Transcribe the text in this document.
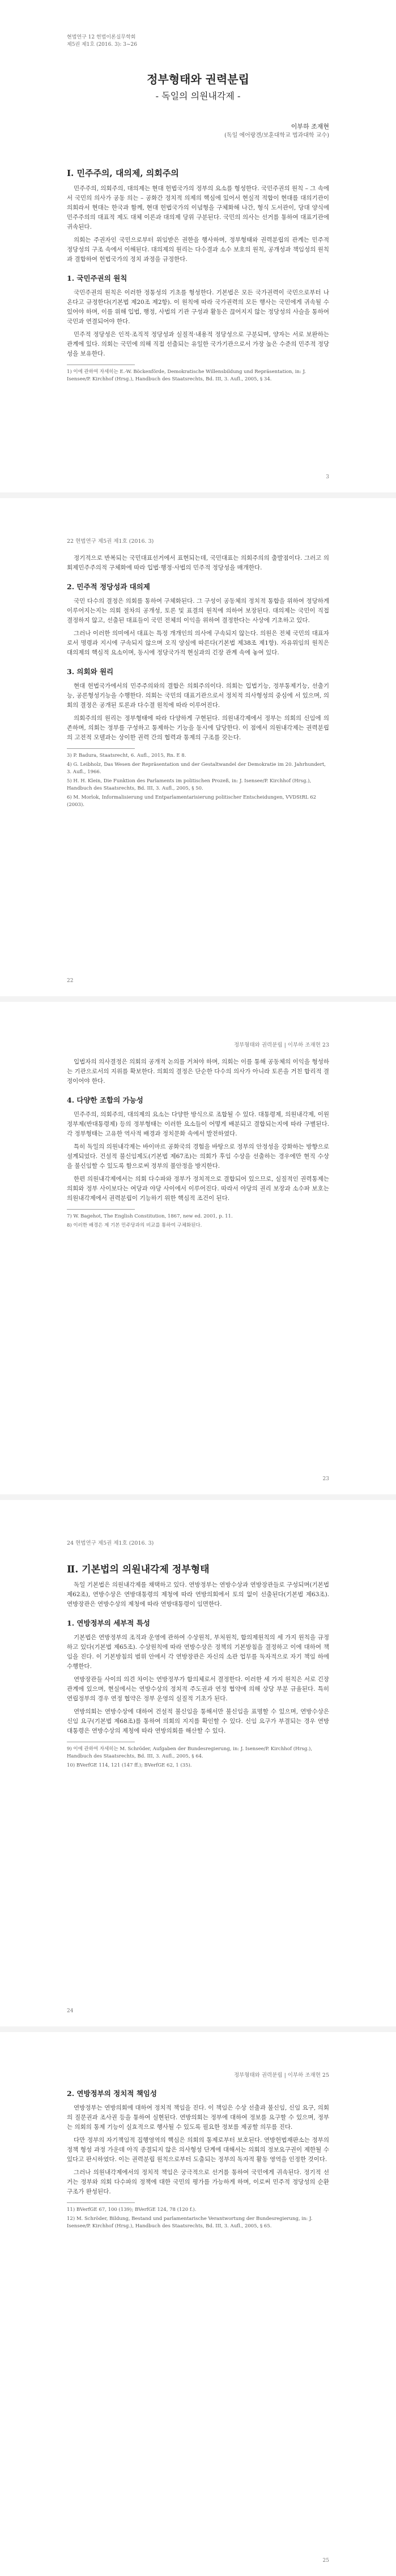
현법연구 12 헌법이론실무학회
제5권 제1호 (2016. 3): 3~26
정부형태와 권력분립
- 독일의 의원내각제 -
이부하 조재현
(독일 에어랑겐/보훈대학교 법과대학 교수)
Ⅰ. 민주주의, 대의제, 의회주의

민주주의, 의회주의, 대의제는 현대 헌법국가의 정부의 요소를 형성한다. 국민주권의 원칙 – 그 속에서 국민의 의사가 공동 의는 – 공화간 정치적 의제의 핵심에 있어서 현실적 적합이 현대를 대의기관이 의회라서 현대는 한국과 함께, 현대 헌법국가의 이념형을 구체화해 나간, 형식 도서관이, 당대 양식에 민주주의의 대표적 제도 대체 이론과 대의제 당위 구분된다. 국민의 의사는 선거를 통하여 대표기관에 귀속된다.

의회는 주권자인 국민으로부터 위임받은 권한을 행사하며, 정부형태와 권력분립의 관계는 민주적 정당성의 구조 속에서 이해된다. 대의제의 원리는 다수결과 소수 보호의 원칙, 공개성과 책임성의 원칙과 결합하여 헌법국가의 정치 과정을 규정한다.

1. 국민주권의 원칙

국민주권의 원칙은 이러한 정통성의 기초를 형성한다. 기본법은 모든 국가권력이 국민으로부터 나온다고 규정한다(기본법 제20조 제2항). 이 원칙에 따라 국가권력의 모든 행사는 국민에게 귀속될 수 있어야 하며, 이를 위해 입법, 행정, 사법의 기관 구성과 활동은 끊어지지 않는 정당성의 사슬을 통하여 국민과 연결되어야 한다.

민주적 정당성은 인적·조직적 정당성과 실질적·내용적 정당성으로 구분되며, 양자는 서로 보완하는 관계에 있다. 의회는 국민에 의해 직접 선출되는 유일한 국가기관으로서 가장 높은 수준의 민주적 정당성을 보유한다.

1) 이에 관하여 자세히는 E.-W. Böckenförde, Demokratische Willensbildung und Repräsentation, in: J. Isensee/P. Kirchhof (Hrsg.), Handbuch des Staatsrechts, Bd. III, 3. Aufl., 2005, § 34.

3
22 현법연구 제5권 제1호 (2016. 3)

정기적으로 반복되는 국민대표선거에서 표현되는데, 국민대표는 의회주의의 출발점이다. 그러고 의회제민주주의적 구체화에 따라 입법·행정·사법의 민주적 정당성을 매개한다.

2. 민주적 정당성과 대의제

국민 다수의 결정은 의회를 통하여 구체화된다. 그 구성이 공동체의 정치적 통합을 위하여 정당하게 이루어지는지는 의회 절차의 공개성, 토론 및 표결의 원칙에 의하여 보장된다. 대의제는 국민이 직접 결정하지 않고, 선출된 대표들이 국민 전체의 이익을 위하여 결정한다는 사상에 기초하고 있다.

그러나 이러한 의미에서 대표는 특정 개개인의 의사에 구속되지 않는다. 의원은 전체 국민의 대표자로서 명령과 지시에 구속되지 않으며 오직 양심에 따른다(기본법 제38조 제1항). 자유위임의 원칙은 대의제의 핵심적 요소이며, 동시에 정당국가적 현실과의 긴장 관계 속에 놓여 있다.

3. 의회와 원리

현대 헌법국가에서의 민주주의와의 결합은 의회주의이다. 의회는 입법기능, 정부통제기능, 선출기능, 공론형성기능을 수행한다. 의회는 국민의 대표기관으로서 정치적 의사형성의 중심에 서 있으며, 의회의 결정은 공개된 토론과 다수결 원칙에 따라 이루어진다.

의회주의의 원리는 정부형태에 따라 다양하게 구현된다. 의원내각제에서 정부는 의회의 신임에 의존하며, 의회는 정부를 구성하고 통제하는 기능을 동시에 담당한다. 이 점에서 의원내각제는 권력분립의 고전적 모델과는 상이한 권력 간의 협력과 통제의 구조를 갖는다.

3) P. Badura, Staatsrecht, 6. Aufl., 2015, Rn. E 8.

4) G. Leibholz, Das Wesen der Repräsentation und der Gestaltwandel der Demokratie im 20. Jahrhundert, 3. Aufl., 1966.

5) H. H. Klein, Die Funktion des Parlaments im politischen Prozeß, in: J. Isensee/P. Kirchhof (Hrsg.), Handbuch des Staatsrechts, Bd. III, 3. Aufl., 2005, § 50.

6) M. Morlok, Informalisierung und Entparlamentarisierung politischer Entscheidungen, VVDStRL 62 (2003).

22
정부형태와 권력분립 | 이부하 조재현 23

입법자의 의사결정은 의회의 공개적 논의를 거쳐야 하며, 의회는 이를 통해 공동체의 이익을 형성하는 기관으로서의 지위를 확보한다. 의회의 결정은 단순한 다수의 의사가 아니라 토론을 거친 합리적 결정이어야 한다.

4. 다양한 조합의 가능성

민주주의, 의회주의, 대의제의 요소는 다양한 방식으로 조합될 수 있다. 대통령제, 의원내각제, 이원정부제(반대통령제) 등의 정부형태는 이러한 요소들이 어떻게 배분되고 결합되는지에 따라 구별된다. 각 정부형태는 고유한 역사적 배경과 정치문화 속에서 발전하였다.

특히 독일의 의원내각제는 바이마르 공화국의 경험을 바탕으로 정부의 안정성을 강화하는 방향으로 설계되었다. 건설적 불신임제도(기본법 제67조)는 의회가 후임 수상을 선출하는 경우에만 현직 수상을 불신임할 수 있도록 함으로써 정부의 불안정을 방지한다.

한편 의원내각제에서는 의회 다수파와 정부가 정치적으로 결합되어 있으므로, 실질적인 권력통제는 의회와 정부 사이보다는 여당과 야당 사이에서 이루어진다. 따라서 야당의 권리 보장과 소수파 보호는 의원내각제에서 권력분립이 기능하기 위한 핵심적 조건이 된다.

7) W. Bagehot, The English Constitution, 1867, new ed. 2001, p. 11.

8) 이러한 배경은 제 기본 민주당과의 비교를 통하여 구체화된다.

23
24 현법연구 제5권 제1호 (2016. 3)
Ⅱ. 기본법의 의원내각제 정부형태

독일 기본법은 의원내각제를 채택하고 있다. 연방정부는 연방수상과 연방장관들로 구성되며(기본법 제62조), 연방수상은 연방대통령의 제청에 따라 연방의회에서 토의 없이 선출된다(기본법 제63조). 연방장관은 연방수상의 제청에 따라 연방대통령이 임면한다.

1. 연방정부의 세부적 특성

기본법은 연방정부의 조직과 운영에 관하여 수상원칙, 부처원칙, 합의제원칙의 세 가지 원칙을 규정하고 있다(기본법 제65조). 수상원칙에 따라 연방수상은 정책의 기본방침을 결정하고 이에 대하여 책임을 진다. 이 기본방침의 범위 안에서 각 연방장관은 자신의 소관 업무를 독자적으로 자기 책임 하에 수행한다.

연방장관들 사이의 의견 차이는 연방정부가 합의체로서 결정한다. 이러한 세 가지 원칙은 서로 긴장관계에 있으며, 현실에서는 연방수상의 정치적 주도권과 연정 협약에 의해 상당 부분 규율된다. 특히 연립정부의 경우 연정 협약은 정부 운영의 실질적 기초가 된다.

연방의회는 연방수상에 대하여 건설적 불신임을 통해서만 불신임을 표명할 수 있으며, 연방수상은 신임 요구(기본법 제68조)를 통하여 의회의 지지를 확인할 수 있다. 신임 요구가 부결되는 경우 연방대통령은 연방수상의 제청에 따라 연방의회를 해산할 수 있다.

9) 이에 관하여 자세히는 M. Schröder, Aufgaben der Bundesregierung, in: J. Isensee/P. Kirchhof (Hrsg.), Handbuch des Staatsrechts, Bd. III, 3. Aufl., 2005, § 64.

10) BVerfGE 114, 121 (147 ff.); BVerfGE 62, 1 (35).

24
정부형태와 권력분립 | 이부하 조재현 25
2. 연방정부의 정치적 책임성

연방정부는 연방의회에 대하여 정치적 책임을 진다. 이 책임은 수상 선출과 불신임, 신임 요구, 의회의 질문권과 조사권 등을 통하여 실현된다. 연방의회는 정부에 대하여 정보를 요구할 수 있으며, 정부는 의회의 통제 기능이 실효적으로 행사될 수 있도록 필요한 정보를 제공할 의무를 진다.

다만 정부의 자기책임적 집행영역의 핵심은 의회의 통제로부터 보호된다. 연방헌법재판소는 정부의 정책 형성 과정 가운데 아직 종결되지 않은 의사형성 단계에 대해서는 의회의 정보요구권이 제한될 수 있다고 판시하였다. 이는 권력분립 원칙으로부터 도출되는 정부의 독자적 활동 영역을 인정한 것이다.

그러나 의원내각제에서의 정치적 책임은 궁극적으로 선거를 통하여 국민에게 귀속된다. 정기적 선거는 정부와 의회 다수파의 정책에 대한 국민의 평가를 가능하게 하며, 이로써 민주적 정당성의 순환 구조가 완성된다.

11) BVerfGE 67, 100 (139); BVerfGE 124, 78 (120 f.).

12) M. Schröder, Bildung, Bestand und parlamentarische Verantwortung der Bundesregierung, in: J. Isensee/P. Kirchhof (Hrsg.), Handbuch des Staatsrechts, Bd. III, 3. Aufl., 2005, § 65.

25
